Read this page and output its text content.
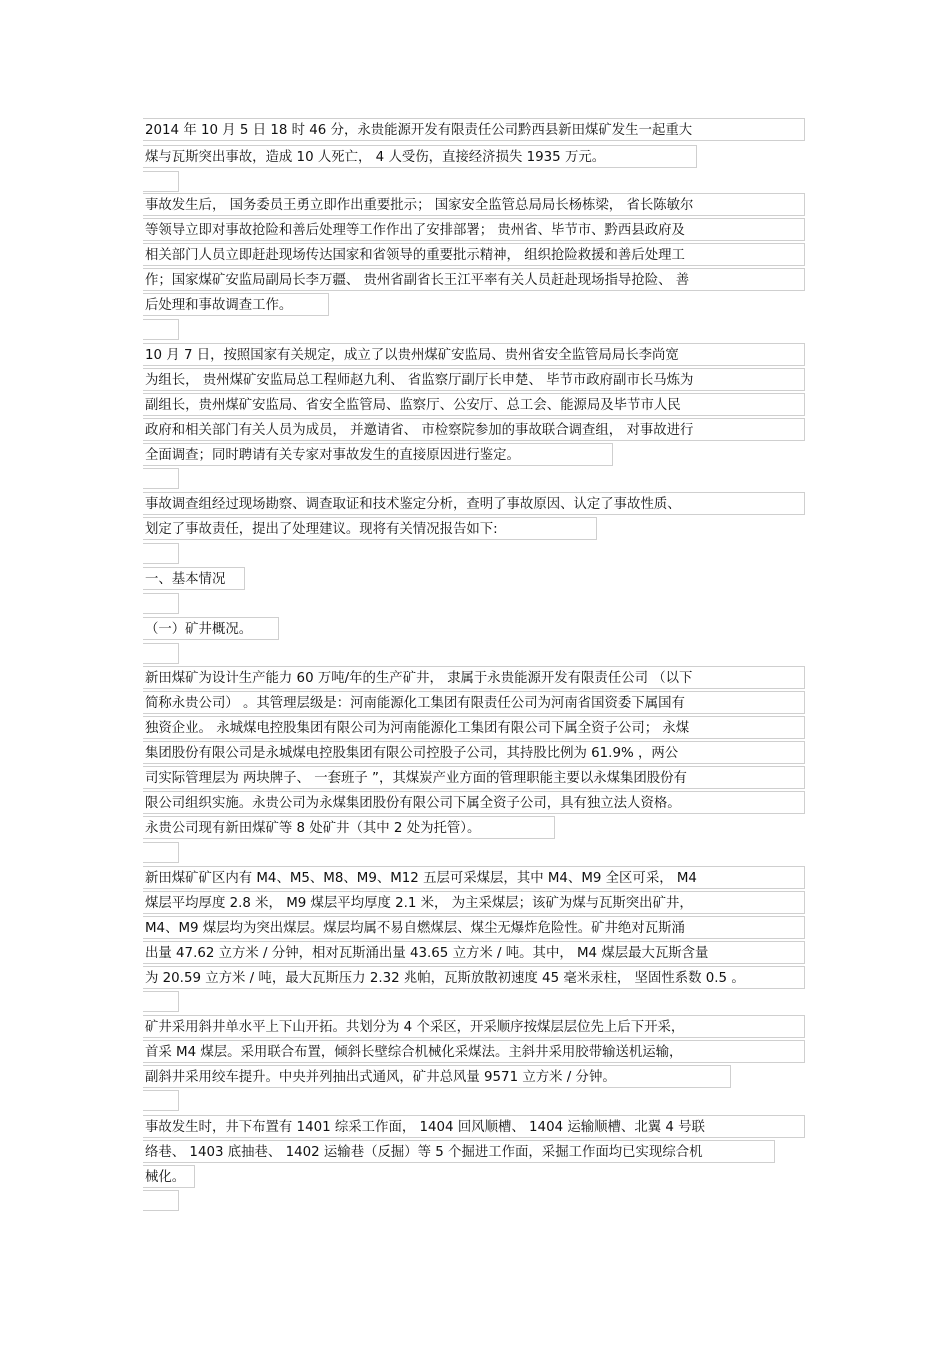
2014 年 10 月 5 日 18 时 46 分，永贵能源开发有限责任公司黔西县新田煤矿发生一起重大
煤与瓦斯突出事故，造成 10 人死亡， 4 人受伤，直接经济损失 1935 万元。
事故发生后， 国务委员王勇立即作出重要批示； 国家安全监管总局局长杨栋梁， 省长陈敏尔
等领导立即对事故抢险和善后处理等工作作出了安排部署； 贵州省、毕节市、黔西县政府及
相关部门人员立即赶赴现场传达国家和省领导的重要批示精神， 组织抢险救援和善后处理工
作；国家煤矿安监局副局长李万疆、 贵州省副省长王江平率有关人员赶赴现场指导抢险、 善
后处理和事故调查工作。
10 月 7 日，按照国家有关规定，成立了以贵州煤矿安监局、贵州省安全监管局局长李尚宽
为组长， 贵州煤矿安监局总工程师赵九利、 省监察厅副厅长申楚、 毕节市政府副市长马炼为
副组长，贵州煤矿安监局、省安全监管局、监察厅、公安厅、总工会、能源局及毕节市人民
政府和相关部门有关人员为成员， 并邀请省、 市检察院参加的事故联合调查组， 对事故进行
全面调查；同时聘请有关专家对事故发生的直接原因进行鉴定。
事故调查组经过现场勘察、调查取证和技术鉴定分析，查明了事故原因、认定了事故性质、
划定了事故责任，提出了处理建议。现将有关情况报告如下:
一、基本情况
（一）矿井概况。
新田煤矿为设计生产能力 60 万吨/年的生产矿井， 隶属于永贵能源开发有限责任公司 （以下
简称永贵公司） 。其管理层级是：河南能源化工集团有限责任公司为河南省国资委下属国有
独资企业。 永城煤电控股集团有限公司为河南能源化工集团有限公司下属全资子公司； 永煤
集团股份有限公司是永城煤电控股集团有限公司控股子公司，其持股比例为 61.9% ，两公
司实际管理层为 两块牌子、 一套班子 ”，其煤炭产业方面的管理职能主要以永煤集团股份有
限公司组织实施。永贵公司为永煤集团股份有限公司下属全资子公司，具有独立法人资格。
永贵公司现有新田煤矿等 8 处矿井（其中 2 处为托管）。
新田煤矿矿区内有 M4、M5、M8、M9、M12 五层可采煤层，其中 M4、M9 全区可采， M4
煤层平均厚度 2.8 米， M9 煤层平均厚度 2.1 米， 为主采煤层；该矿为煤与瓦斯突出矿井，
M4、M9 煤层均为突出煤层。煤层均属不易自燃煤层、煤尘无爆炸危险性。矿井绝对瓦斯涌
出量 47.62 立方米 / 分钟，相对瓦斯涌出量 43.65 立方米 / 吨。其中， M4 煤层最大瓦斯含量
为 20.59 立方米 / 吨，最大瓦斯压力 2.32 兆帕，瓦斯放散初速度 45 毫米汞柱， 坚固性系数 0.5 。
矿井采用斜井单水平上下山开拓。共划分为 4 个采区，开采顺序按煤层层位先上后下开采，
首采 M4 煤层。采用联合布置，倾斜长壁综合机械化采煤法。主斜井采用胶带输送机运输，
副斜井采用绞车提升。中央并列抽出式通风，矿井总风量 9571 立方米 / 分钟。
事故发生时，井下布置有 1401 综采工作面， 1404 回风顺槽、 1404 运输顺槽、北翼 4 号联
络巷、 1403 底抽巷、 1402 运输巷（反掘）等 5 个掘进工作面，采掘工作面均已实现综合机
械化。
